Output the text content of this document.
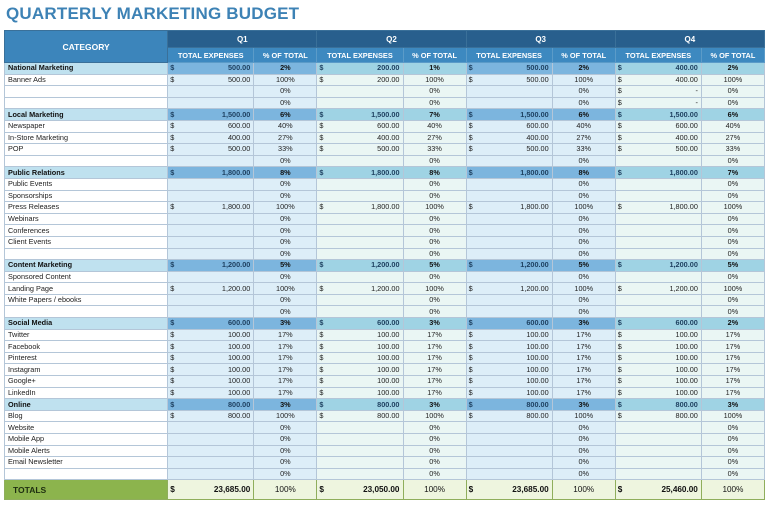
QUARTERLY MARKETING BUDGET
CATEGORY	Q1			Q2			Q3			Q4		
	TOTAL EXPENSES		% OF TOTAL	TOTAL EXPENSES		% OF TOTAL	TOTAL EXPENSES		% OF TOTAL	TOTAL EXPENSES		% OF TOTAL
National Marketing	$	500.00	2%	$	200.00	1%	$	500.00	2%	$	400.00	2%
Banner Ads	$	500.00	100%	$	200.00	100%	$	500.00	100%	$	400.00	100%
			0%			0%			0%	$	-	0%
			0%			0%			0%	$	-	0%
Local Marketing	$	1,500.00	6%	$	1,500.00	7%	$	1,500.00	6%	$	1,500.00	6%
Newspaper	$	600.00	40%	$	600.00	40%	$	600.00	40%	$	600.00	40%
In-Store Marketing	$	400.00	27%	$	400.00	27%	$	400.00	27%	$	400.00	27%
POP	$	500.00	33%	$	500.00	33%	$	500.00	33%	$	500.00	33%
			0%			0%			0%			0%
Public Relations	$	1,800.00	8%	$	1,800.00	8%	$	1,800.00	8%	$	1,800.00	7%
Public Events			0%			0%			0%			0%
Sponsorships			0%			0%			0%			0%
Press Releases	$	1,800.00	100%	$	1,800.00	100%	$	1,800.00	100%	$	1,800.00	100%
Webinars			0%			0%			0%			0%
Conferences			0%			0%			0%			0%
Client Events			0%			0%			0%			0%
			0%			0%			0%			0%
Content Marketing	$	1,200.00	5%	$	1,200.00	5%	$	1,200.00	5%	$	1,200.00	5%
Sponsored Content			0%			0%			0%			0%
Landing Page	$	1,200.00	100%	$	1,200.00	100%	$	1,200.00	100%	$	1,200.00	100%
White Papers / ebooks			0%			0%			0%			0%
			0%			0%			0%			0%
Social Media	$	600.00	3%	$	600.00	3%	$	600.00	3%	$	600.00	2%
Twitter	$	100.00	17%	$	100.00	17%	$	100.00	17%	$	100.00	17%
Facebook	$	100.00	17%	$	100.00	17%	$	100.00	17%	$	100.00	17%
Pinterest	$	100.00	17%	$	100.00	17%	$	100.00	17%	$	100.00	17%
Instagram	$	100.00	17%	$	100.00	17%	$	100.00	17%	$	100.00	17%
Google+	$	100.00	17%	$	100.00	17%	$	100.00	17%	$	100.00	17%
LinkedIn	$	100.00	17%	$	100.00	17%	$	100.00	17%	$	100.00	17%
Online	$	800.00	3%	$	800.00	3%	$	800.00	3%	$	800.00	3%
Blog	$	800.00	100%	$	800.00	100%	$	800.00	100%	$	800.00	100%
Website			0%			0%			0%			0%
Mobile App			0%			0%			0%			0%
Mobile Alerts			0%			0%			0%			0%
Email Newsletter			0%			0%			0%			0%
			0%			0%			0%			0%
TOTALS	$	23,685.00	100%	$	23,050.00	100%	$	23,685.00	100%	$	25,460.00	100%
